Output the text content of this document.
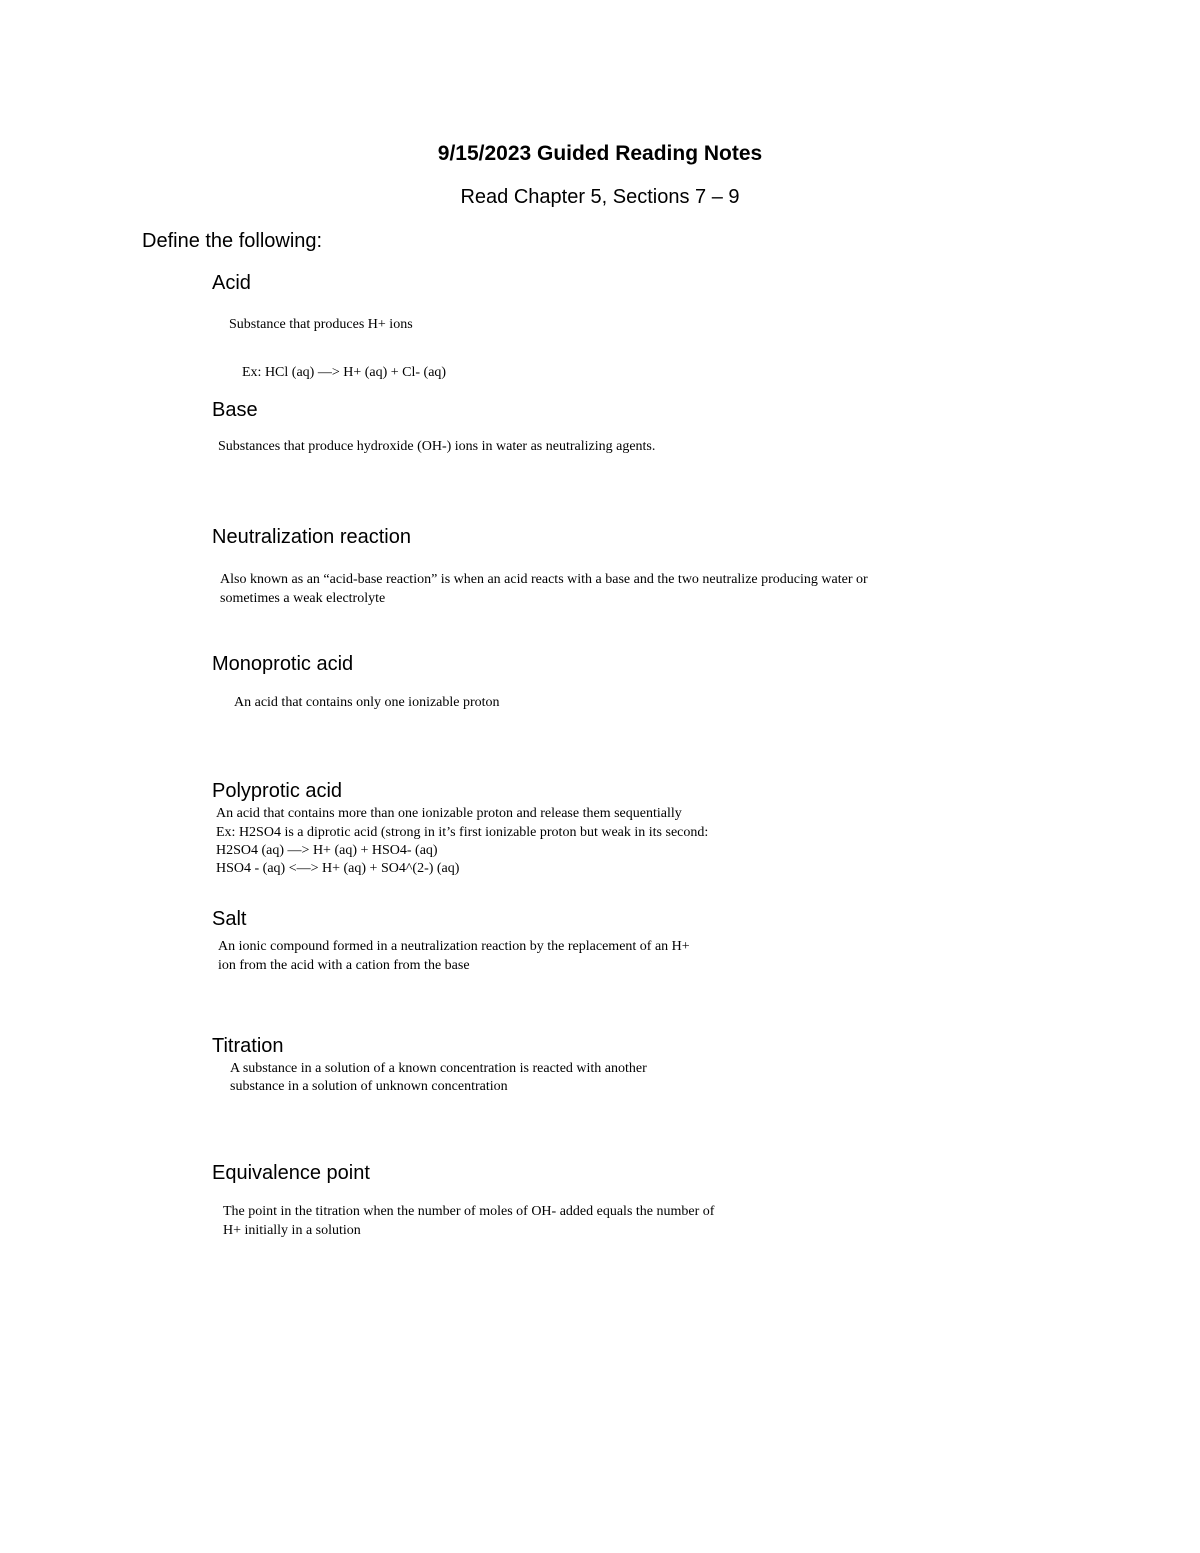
9/15/2023 Guided Reading Notes
Read Chapter 5, Sections 7 – 9
Define the following:
Acid
Substance that produces H+ ions
Ex: HCl (aq) —> H+ (aq) + Cl- (aq)
Base
Substances that produce hydroxide (OH-) ions in water as neutralizing agents.
Neutralization reaction
Also known as an “acid-base reaction” is when an acid reacts with a base and the two neutralize producing water or
sometimes a weak electrolyte
Monoprotic acid
An acid that contains only one ionizable proton
Polyprotic acid
An acid that contains more than one ionizable proton and release them sequentially
Ex: H2SO4 is a diprotic acid (strong in it’s first ionizable proton but weak in its second:
H2SO4 (aq) —> H+ (aq) + HSO4- (aq)
HSO4 - (aq) <—> H+ (aq) + SO4^(2-) (aq)
Salt
An ionic compound formed in a neutralization reaction by the replacement of an H+
ion from the acid with a cation from the base
Titration
A substance in a solution of a known concentration is reacted with another
substance in a solution of unknown concentration
Equivalence point
The point in the titration when the number of moles of OH- added equals the number of
H+ initially in a solution
